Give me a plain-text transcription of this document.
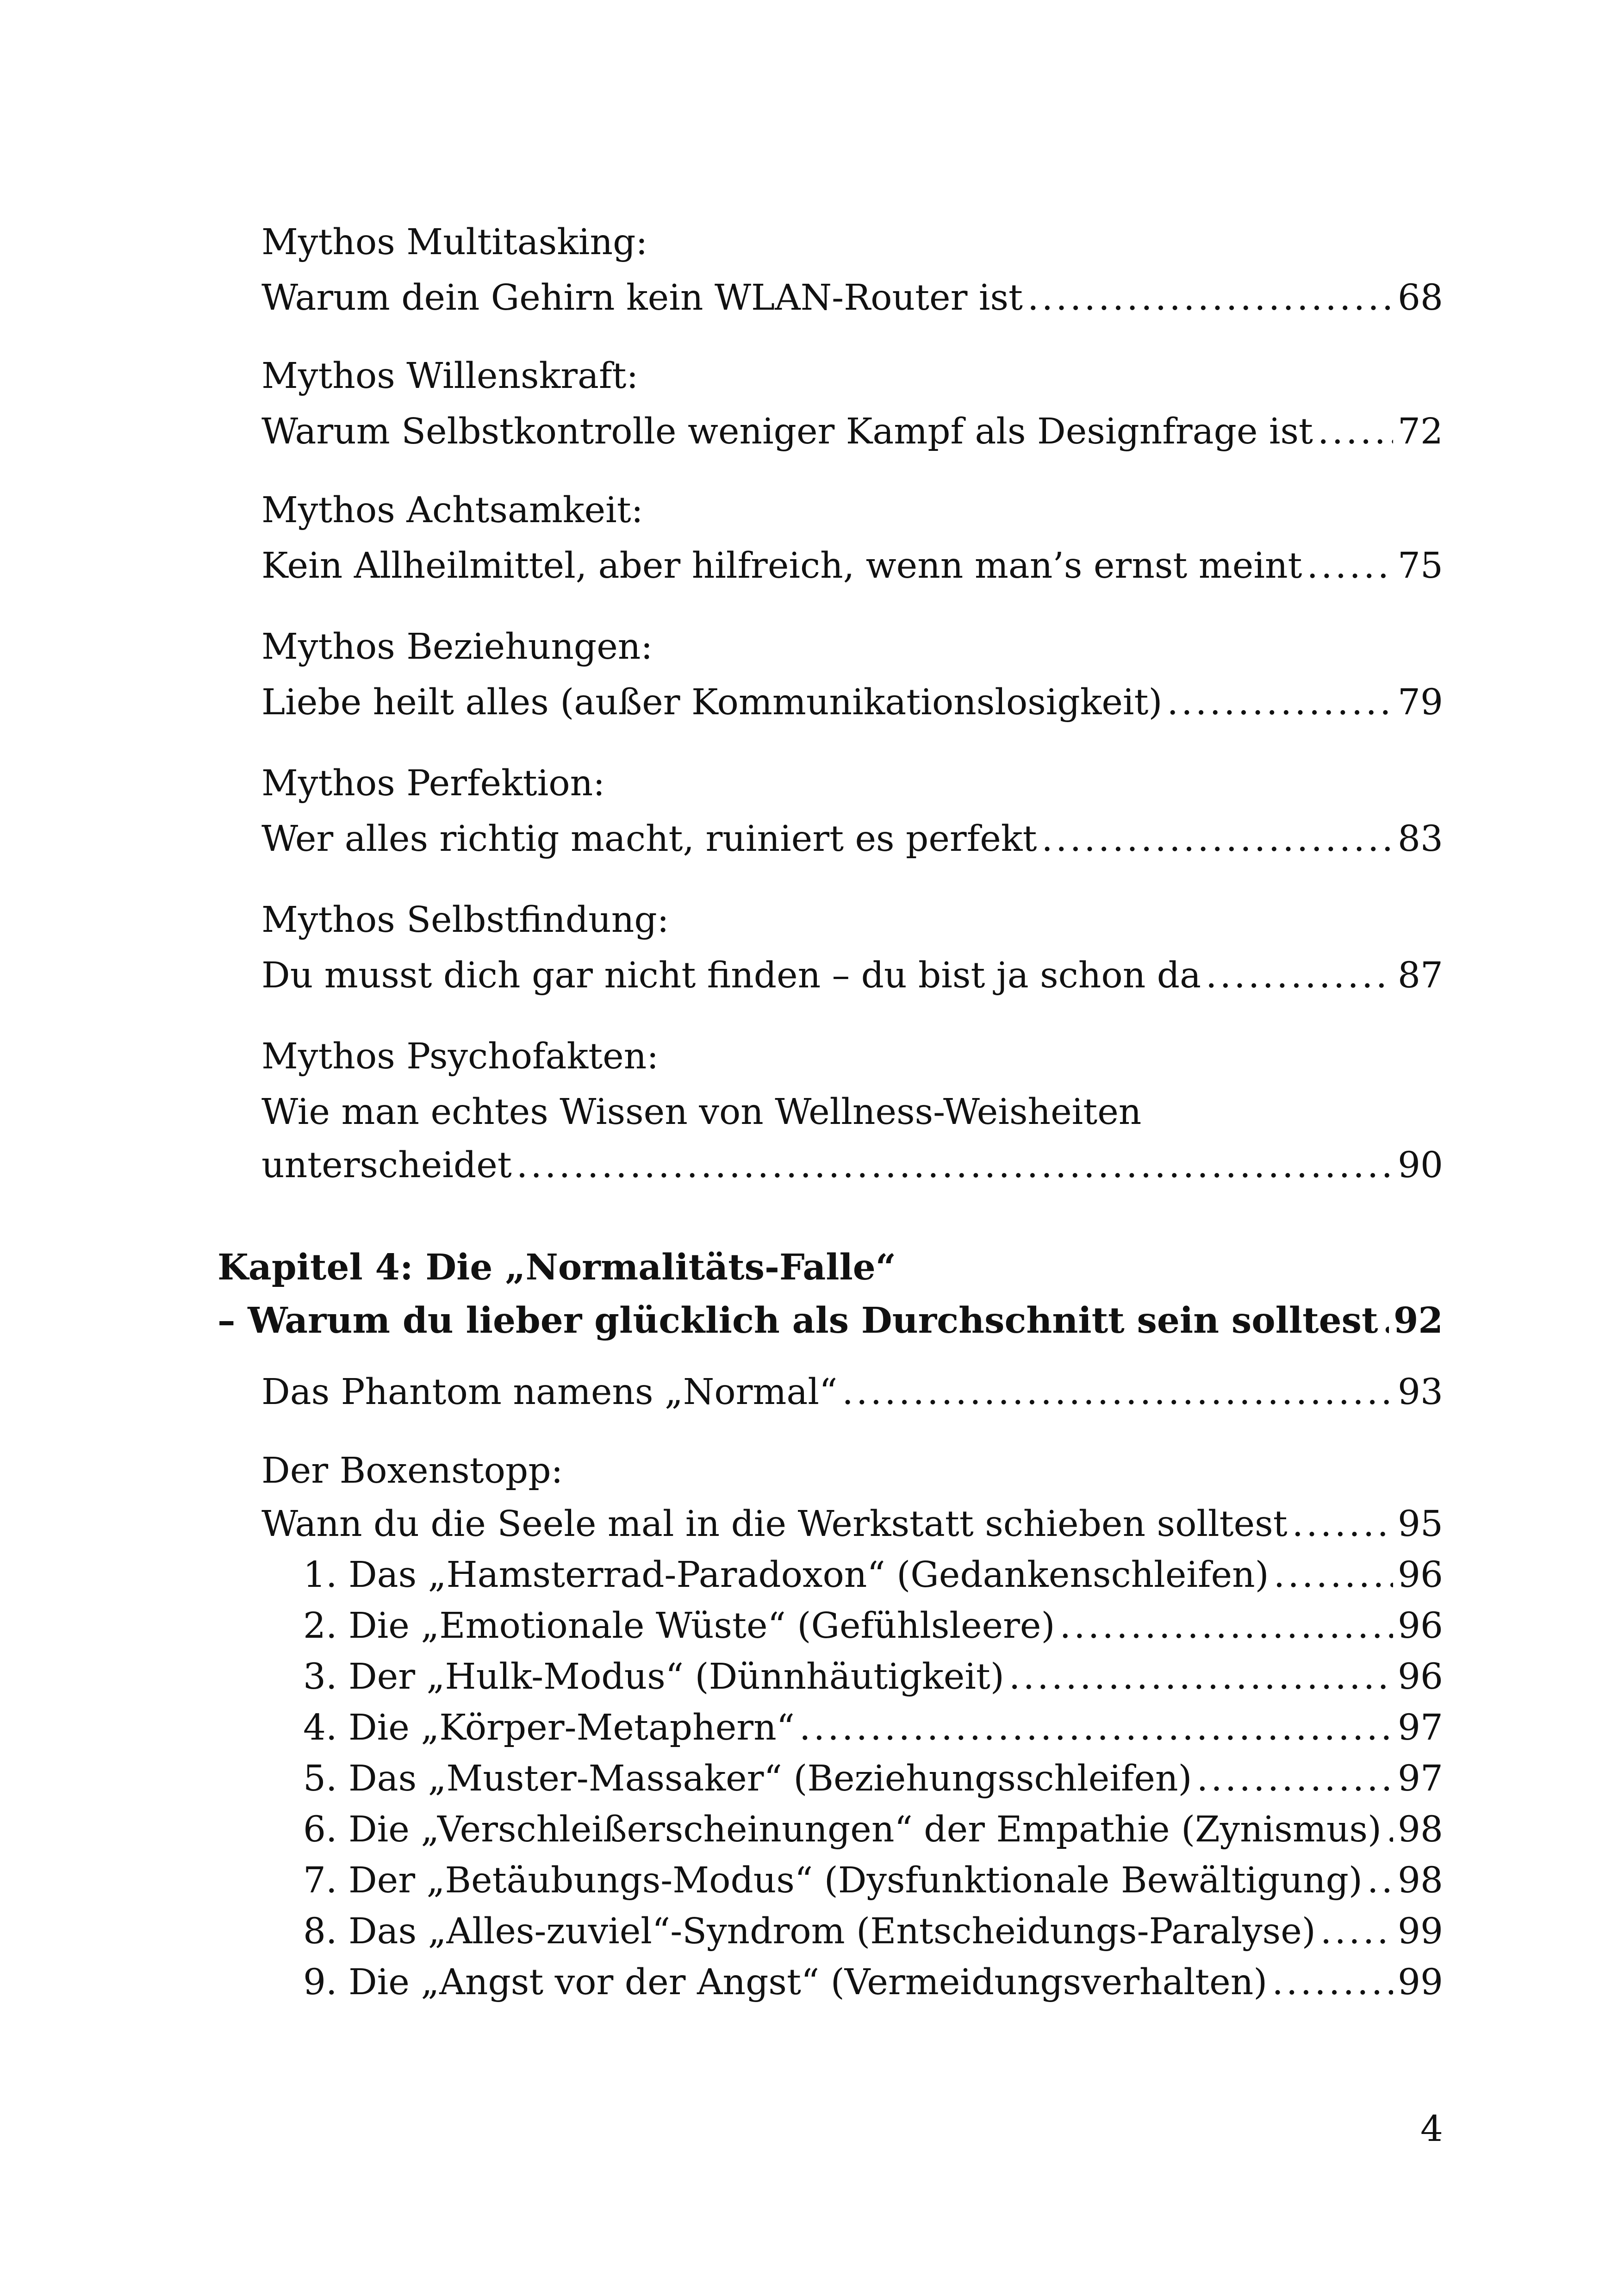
Mythos Multitasking:
Warum dein Gehirn kein WLAN-Router ist .....	68
Mythos Willenskraft:
Warum Selbstkontrolle weniger Kampf als Designfrage ist ..... 72
Mythos Achtsamkeit:
Kein Allheilmittel, aber hilfreich, wenn man’s ernst meint .....	75
Mythos Beziehungen:
Liebe heilt alles (außer Kommunikationslosigkeit) .....	79
Mythos Perfektion:
Wer alles richtig macht, ruiniert es perfekt .....	83
Mythos Selbstfindung:
Du musst dich gar nicht finden – du bist ja schon da .....	87
Mythos Psychofakten:
Wie man echtes Wissen von Wellness-Weisheiten
unterscheidet .....	90
Kapitel 4: Die „Normalitäts-Falle“
– Warum du lieber glücklich als Durchschnitt sein solltest ..... 92
Das Phantom namens „Normal“ .....	93
Der Boxenstopp:
Wann du die Seele mal in die Werkstatt schieben solltest .....	95
1. Das „Hamsterrad-Paradoxon“ (Gedankenschleifen) .....	96
2. Die „Emotionale Wüste“ (Gefühlsleere) .....	96
3. Der „Hulk-Modus“ (Dünnhäutigkeit) .....	96
4. Die „Körper-Metaphern“ .....	97
5. Das „Muster-Massaker“ (Beziehungsschleifen) .....	97
6. Die „Verschleißerscheinungen“ der Empathie (Zynismus) ..... 98
7. Der „Betäubungs-Modus“ (Dysfunktionale Bewältigung) ..... 98
8. Das „Alles-zuviel“-Syndrom (Entscheidungs-Paralyse) ..... 99
9. Die „Angst vor der Angst“ (Vermeidungsverhalten) .....	99
4
